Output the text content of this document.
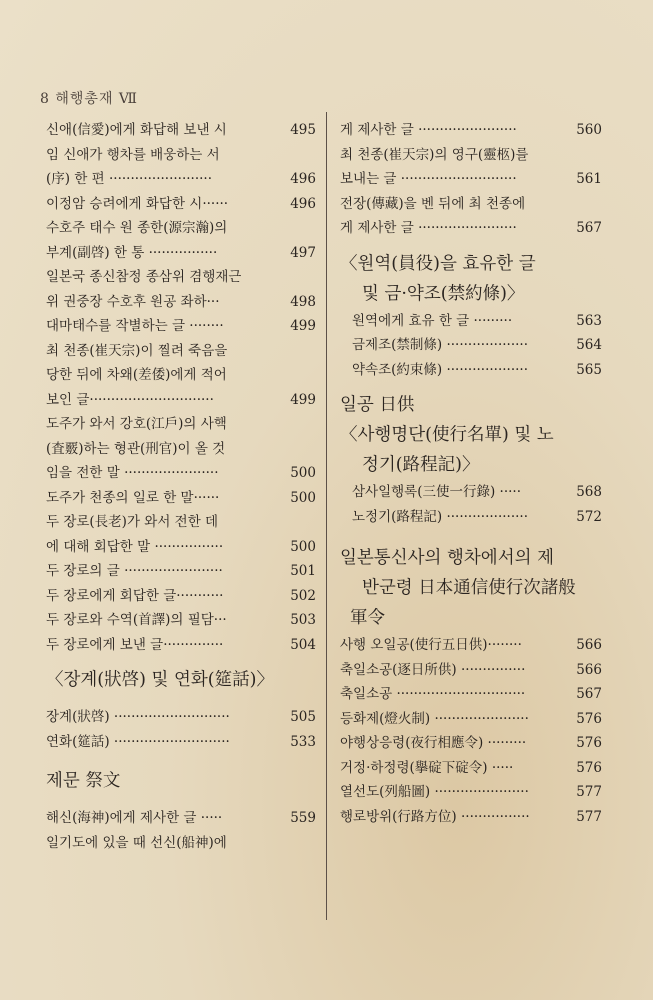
8 해행총재 Ⅶ
신애(信愛)에게 화답해 보낸 시	495
임 신애가 행차를 배웅하는 서
(序) 한 편 ························	496
이정암 승려에게 화답한 시······	496
수호주 태수 원 종한(源宗瀚)의
부계(副啓) 한 통 ················	497
일본국 종신참정 종삼위 겸행재근
위 권중장 수호후 원공 좌하···	498
대마태수를 작별하는 글 ········	499
최 천종(崔天宗)이 찔려 죽음을
당한 뒤에 차왜(差倭)에게 적어
보인 글·····························	499
도주가 와서 강호(江戶)의 사핵
(査覈)하는 형관(刑官)이 올 것
임을 전한 말 ······················	500
도주가 천종의 일로 한 말······	500
두 장로(長老)가 와서 전한 데
에 대해 회답한 말 ················	500
두 장로의 글 ·······················	501
두 장로에게 회답한 글···········	502
두 장로와 수역(首譯)의 필담···	503
두 장로에게 보낸 글··············	504
〈장계(狀啓) 및 연화(筵話)〉
장계(狀啓) ···························	505
연화(筵話) ···························	533
제문 祭文
해신(海神)에게 제사한 글 ·····	559
일기도에 있을 때 선신(船神)에
게 제사한 글 ·······················	560
최 천종(崔天宗)의 영구(靈柩)를
보내는 글 ···························	561
전장(傳藏)을 벤 뒤에 최 천종에
게 제사한 글 ·······················	567
〈원역(員役)을 효유한 글
및 금·약조(禁約條)〉
원역에게 효유 한 글 ·········	563
금제조(禁制條) ···················	564
약속조(約束條) ···················	565
일공 日供
〈사행명단(使行名單) 및 노
정기(路程記)〉
삼사일행록(三使一行錄) ·····	568
노정기(路程記) ···················	572
일본통신사의 행차에서의 제
반군령 日本通信使行次諸般
軍令
사행 오일공(使行五日供)········	566
축일소공(逐日所供) ···············	566
축일소공 ······························	567
등화제(燈火制) ······················	576
야행상응령(夜行相應令) ·········	576
거정·하정령(擧碇下碇令) ·····	576
열선도(列船圖) ······················	577
행로방위(行路方位) ················	577
